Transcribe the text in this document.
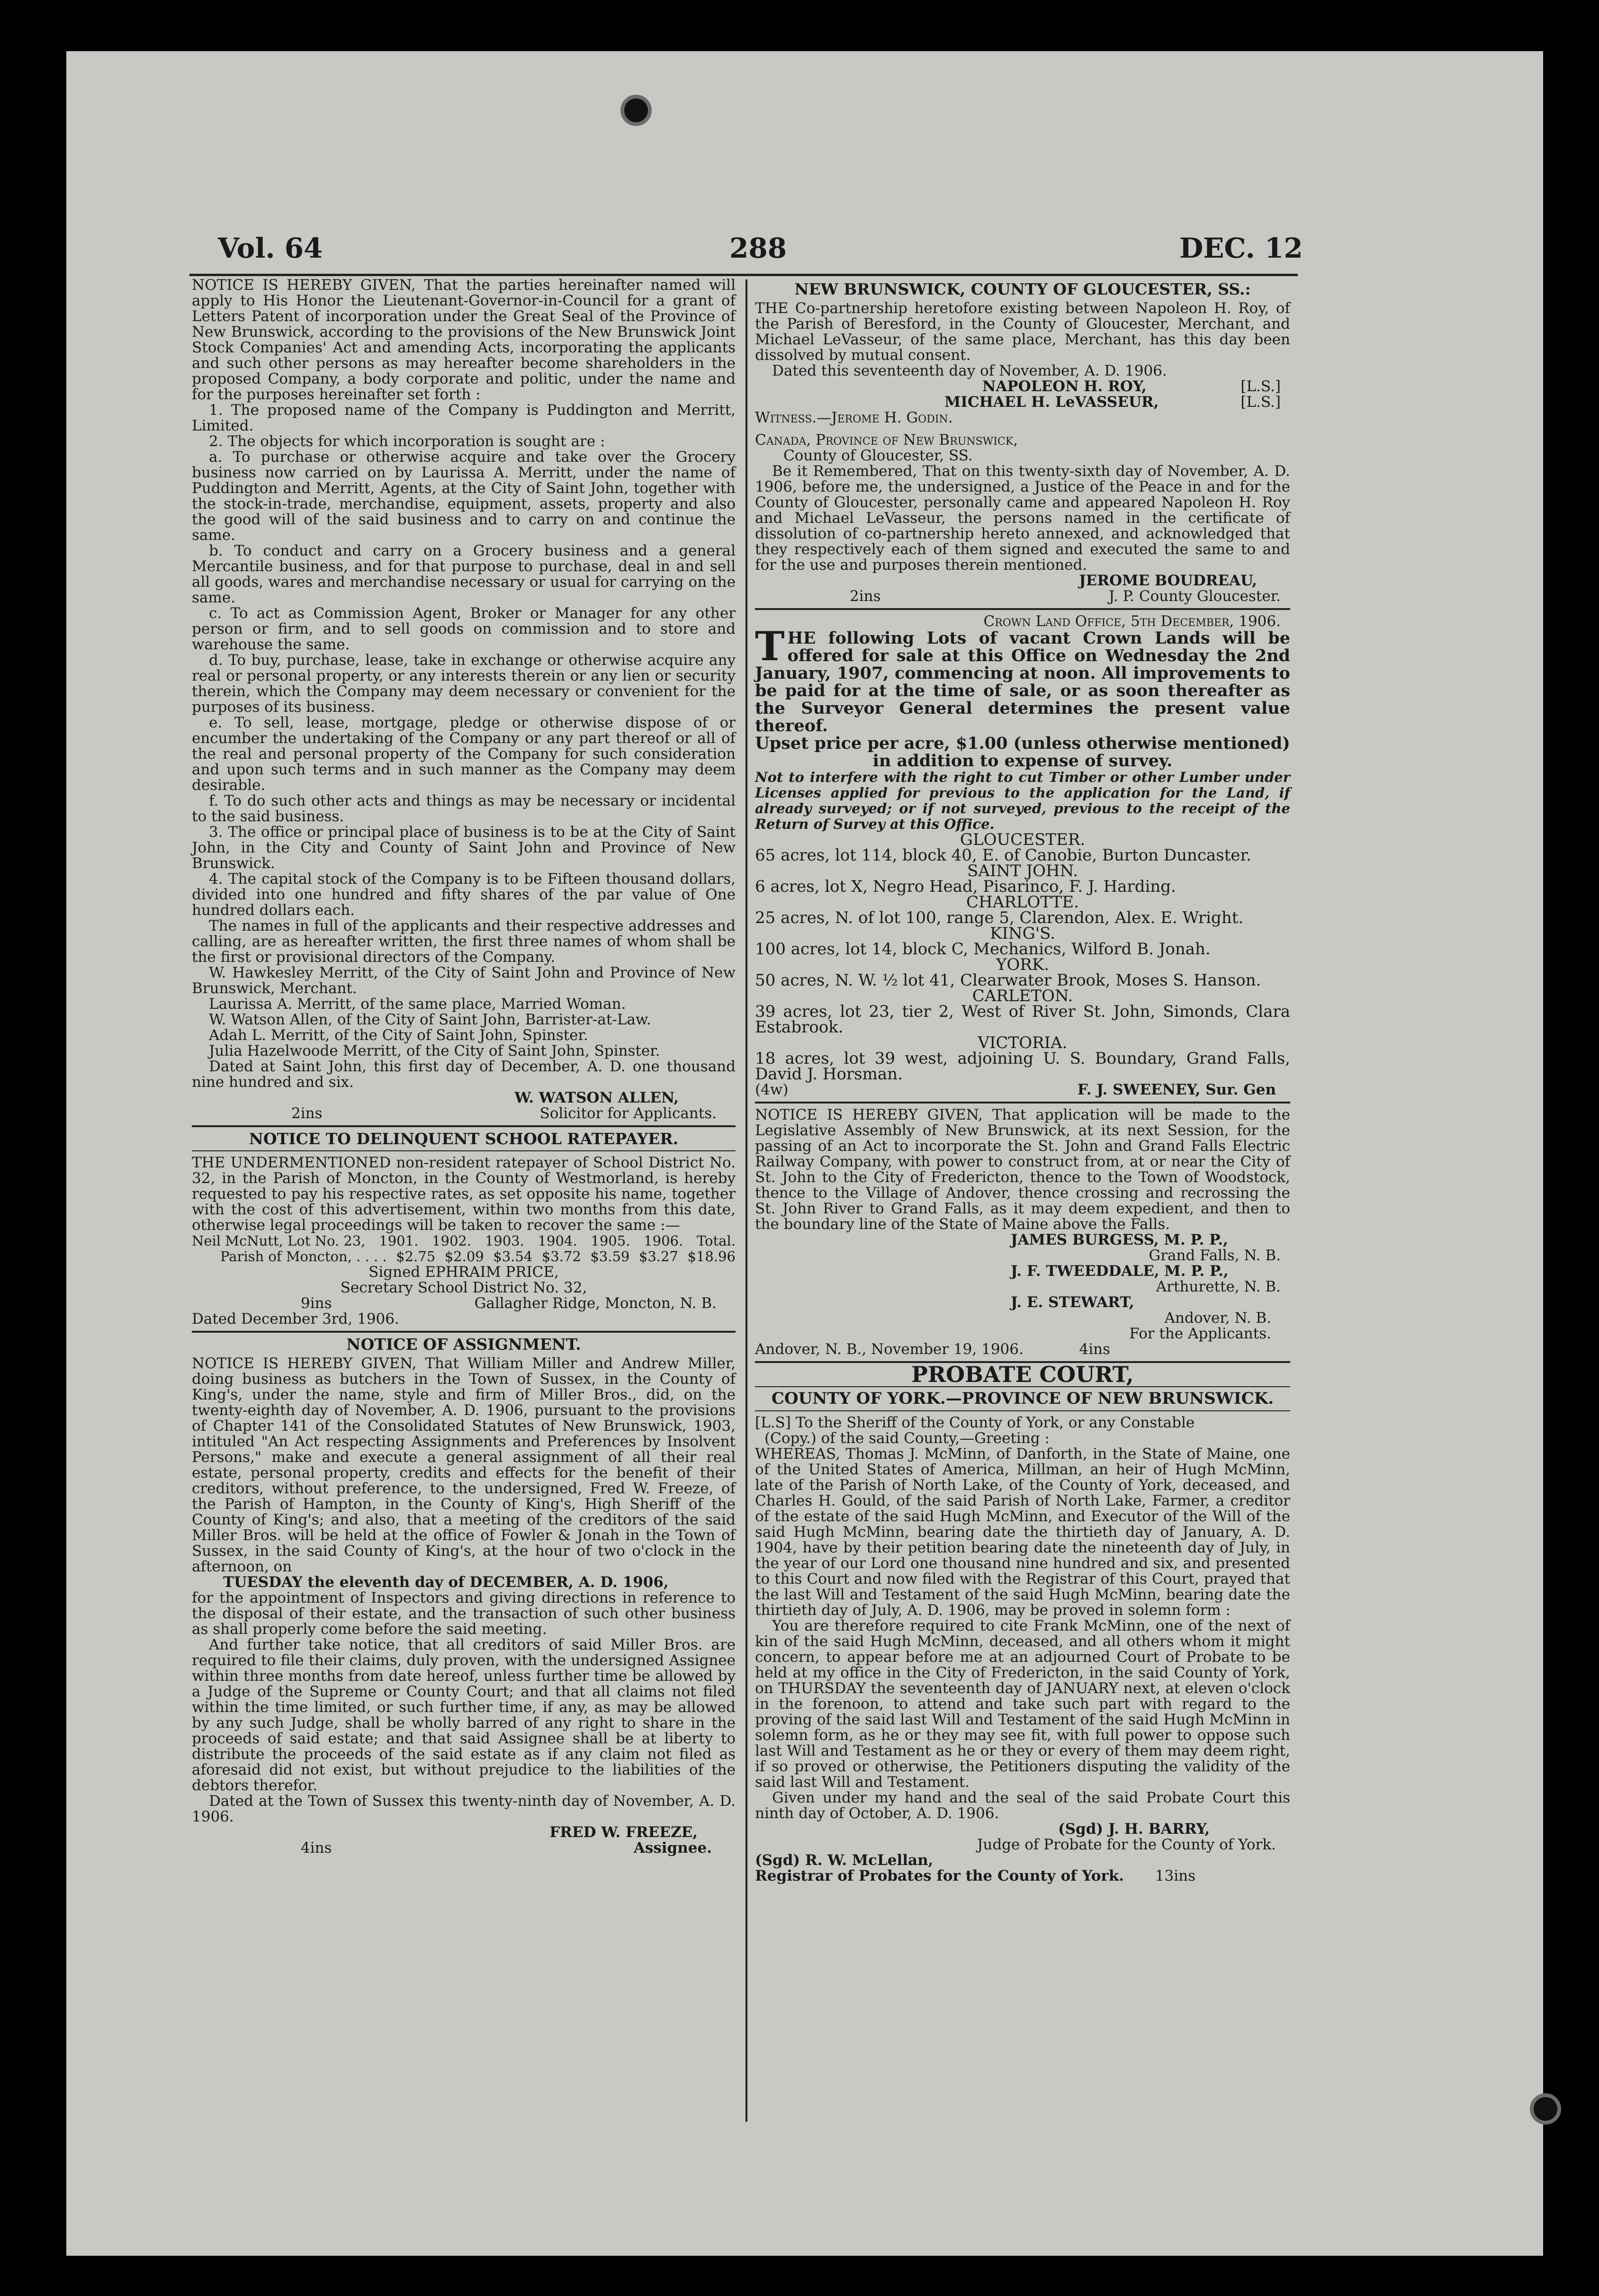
Vol. 64	288	DEC. 12

NOTICE IS HEREBY GIVEN, That the parties hereinafter named will apply to His Honor the Lieutenant-Governor-in-Council for a grant of Letters Patent of incorporation under the Great Seal of the Province of New Brunswick, according to the provisions of the New Brunswick Joint Stock Companies' Act and amending Acts, incorporating the applicants and such other persons as may hereafter become shareholders in the proposed Company, a body corporate and politic, under the name and for the purposes hereinafter set forth :

1. The proposed name of the Company is Puddington and Merritt, Limited.

2. The objects for which incorporation is sought are :

a. To purchase or otherwise acquire and take over the Grocery business now carried on by Laurissa A. Merritt, under the name of Puddington and Merritt, Agents, at the City of Saint John, together with the stock-in-trade, merchandise, equipment, assets, property and also the good will of the said business and to carry on and continue the same.

b. To conduct and carry on a Grocery business and a general Mercantile business, and for that purpose to purchase, deal in and sell all goods, wares and merchandise necessary or usual for carrying on the same.

c. To act as Commission Agent, Broker or Manager for any other person or firm, and to sell goods on commission and to store and warehouse the same.

d. To buy, purchase, lease, take in exchange or otherwise acquire any real or personal property, or any interests therein or any lien or security therein, which the Company may deem necessary or convenient for the purposes of its business.

e. To sell, lease, mortgage, pledge or otherwise dispose of or encumber the undertaking of the Company or any part thereof or all of the real and personal property of the Company for such consideration and upon such terms and in such manner as the Company may deem desirable.

f. To do such other acts and things as may be necessary or incidental to the said business.

3. The office or principal place of business is to be at the City of Saint John, in the City and County of Saint John and Province of New Brunswick.

4. The capital stock of the Company is to be Fifteen thousand dollars, divided into one hundred and fifty shares of the par value of One hundred dollars each.

The names in full of the applicants and their respective addresses and calling, are as hereafter written, the first three names of whom shall be the first or provisional directors of the Company.

W. Hawkesley Merritt, of the City of Saint John and Province of New Brunswick, Merchant.

Laurissa A. Merritt, of the same place, Married Woman.

W. Watson Allen, of the City of Saint John, Barrister-at-Law.

Adah L. Merritt, of the City of Saint John, Spinster.

Julia Hazelwoode Merritt, of the City of Saint John, Spinster.

Dated at Saint John, this first day of December, A. D. one thousand nine hundred and six.

W. WATSON ALLEN,

2ins	Solicitor for Applicants.

NOTICE TO DELINQUENT SCHOOL RATEPAYER.

THE UNDERMENTIONED non-resident ratepayer of School District No. 32, in the Parish of Moncton, in the County of Westmorland, is hereby requested to pay his respective rates, as set opposite his name, together with the cost of this advertisement, within two months from this date, otherwise legal proceedings will be taken to recover the same :—

Neil McNutt, Lot No. 23, 1901. 1902. 1903. 1904. 1905. 1906. Total.
Parish of Moncton, . . . . $2.75 $2.09 $3.54 $3.72 $3.59 $3.27 $18.96

Signed EPHRAIM PRICE,

Secretary School District No. 32,

9ins	Gallagher Ridge, Moncton, N. B.

Dated December 3rd, 1906.

NOTICE OF ASSIGNMENT.

NOTICE IS HEREBY GIVEN, That William Miller and Andrew Miller, doing business as butchers in the Town of Sussex, in the County of King's, under the name, style and firm of Miller Bros., did, on the twenty-eighth day of November, A. D. 1906, pursuant to the provisions of Chapter 141 of the Consolidated Statutes of New Brunswick, 1903, intituled "An Act respecting Assignments and Preferences by Insolvent Persons," make and execute a general assignment of all their real estate, personal property, credits and effects for the benefit of their creditors, without preference, to the undersigned, Fred W. Freeze, of the Parish of Hampton, in the County of King's, High Sheriff of the County of King's; and also, that a meeting of the creditors of the said Miller Bros. will be held at the office of Fowler & Jonah in the Town of Sussex, in the said County of King's, at the hour of two o'clock in the afternoon, on

TUESDAY the eleventh day of DECEMBER, A. D. 1906,

for the appointment of Inspectors and giving directions in reference to the disposal of their estate, and the transaction of such other business as shall properly come before the said meeting.

And further take notice, that all creditors of said Miller Bros. are required to file their claims, duly proven, with the undersigned Assignee within three months from date hereof, unless further time be allowed by a Judge of the Supreme or County Court; and that all claims not filed within the time limited, or such further time, if any, as may be allowed by any such Judge, shall be wholly barred of any right to share in the proceeds of said estate; and that said Assignee shall be at liberty to distribute the proceeds of the said estate as if any claim not filed as aforesaid did not exist, but without prejudice to the liabilities of the debtors therefor.

Dated at the Town of Sussex this twenty-ninth day of November, A. D. 1906.

FRED W. FREEZE,

4ins	Assignee.

NEW BRUNSWICK, COUNTY OF GLOUCESTER, SS.:

THE Co-partnership heretofore existing between Napoleon H. Roy, of the Parish of Beresford, in the County of Gloucester, Merchant, and Michael LeVasseur, of the same place, Merchant, has this day been dissolved by mutual consent.

Dated this seventeenth day of November, A. D. 1906.

NAPOLEON H. ROY,	[L.S.]
MICHAEL H. LeVASSEUR,	[L.S.]

Witness.—Jerome H. Godin.

Canada, Province of New Brunswick,

County of Gloucester, SS.

Be it Remembered, That on this twenty-sixth day of November, A. D. 1906, before me, the undersigned, a Justice of the Peace in and for the County of Gloucester, personally came and appeared Napoleon H. Roy and Michael LeVasseur, the persons named in the certificate of dissolution of co-partnership hereto annexed, and acknowledged that they respectively each of them signed and executed the same to and for the use and purposes therein mentioned.

JEROME BOUDREAU,

2ins	J. P. County Gloucester.

Crown Land Office, 5th December, 1906.

THE following Lots of vacant Crown Lands will be offered for sale at this Office on Wednesday the 2nd January, 1907, commencing at noon. All improvements to be paid for at the time of sale, or as soon thereafter as the Surveyor General determines the present value thereof.

Upset price per acre, $1.00 (unless otherwise mentioned) in addition to expense of survey.

Not to interfere with the right to cut Timber or other Lumber under Licenses applied for previous to the application for the Land, if already surveyed; or if not surveyed, previous to the receipt of the Return of Survey at this Office.

GLOUCESTER.

65 acres, lot 114, block 40, E. of Canobie, Burton Duncaster.

SAINT JOHN.

6 acres, lot X, Negro Head, Pisarinco, F. J. Harding.

CHARLOTTE.

25 acres, N. of lot 100, range 5, Clarendon, Alex. E. Wright.

KING'S.

100 acres, lot 14, block C, Mechanics, Wilford B. Jonah.

YORK.

50 acres, N. W. ½ lot 41, Clearwater Brook, Moses S. Hanson.

CARLETON.

39 acres, lot 23, tier 2, West of River St. John, Simonds, Clara Estabrook.

VICTORIA.

18 acres, lot 39 west, adjoining U. S. Boundary, Grand Falls, David J. Horsman.

(4w)	F. J. SWEENEY, Sur. Gen

NOTICE IS HEREBY GIVEN, That application will be made to the Legislative Assembly of New Brunswick, at its next Session, for the passing of an Act to incorporate the St. John and Grand Falls Electric Railway Company, with power to construct from, at or near the City of St. John to the City of Fredericton, thence to the Town of Woodstock, thence to the Village of Andover, thence crossing and recrossing the St. John River to Grand Falls, as it may deem expedient, and then to the boundary line of the State of Maine above the Falls.

JAMES BURGESS, M. P. P.,

Grand Falls, N. B.

J. F. TWEEDDALE, M. P. P.,

Arthurette, N. B.

J. E. STEWART,

Andover, N. B.

For the Applicants.

Andover, N. B., November 19, 1906.	4ins

PROBATE COURT,

COUNTY OF YORK.—PROVINCE OF NEW BRUNSWICK.

[L.S] To the Sheriff of the County of York, or any Constable

(Copy.) of the said County,—Greeting :

WHEREAS, Thomas J. McMinn, of Danforth, in the State of Maine, one of the United States of America, Millman, an heir of Hugh McMinn, late of the Parish of North Lake, of the County of York, deceased, and Charles H. Gould, of the said Parish of North Lake, Farmer, a creditor of the estate of the said Hugh McMinn, and Executor of the Will of the said Hugh McMinn, bearing date the thirtieth day of January, A. D. 1904, have by their petition bearing date the nineteenth day of July, in the year of our Lord one thousand nine hundred and six, and presented to this Court and now filed with the Registrar of this Court, prayed that the last Will and Testament of the said Hugh McMinn, bearing date the thirtieth day of July, A. D. 1906, may be proved in solemn form :

You are therefore required to cite Frank McMinn, one of the next of kin of the said Hugh McMinn, deceased, and all others whom it might concern, to appear before me at an adjourned Court of Probate to be held at my office in the City of Fredericton, in the said County of York, on THURSDAY the seventeenth day of JANUARY next, at eleven o'clock in the forenoon, to attend and take such part with regard to the proving of the said last Will and Testament of the said Hugh McMinn in solemn form, as he or they may see fit, with full power to oppose such last Will and Testament as he or they or every of them may deem right, if so proved or otherwise, the Petitioners disputing the validity of the said last Will and Testament.

Given under my hand and the seal of the said Probate Court this ninth day of October, A. D. 1906.

(Sgd) J. H. BARRY,

Judge of Probate for the County of York.

(Sgd) R. W. McLellan,

Registrar of Probates for the County of York. 13ins
